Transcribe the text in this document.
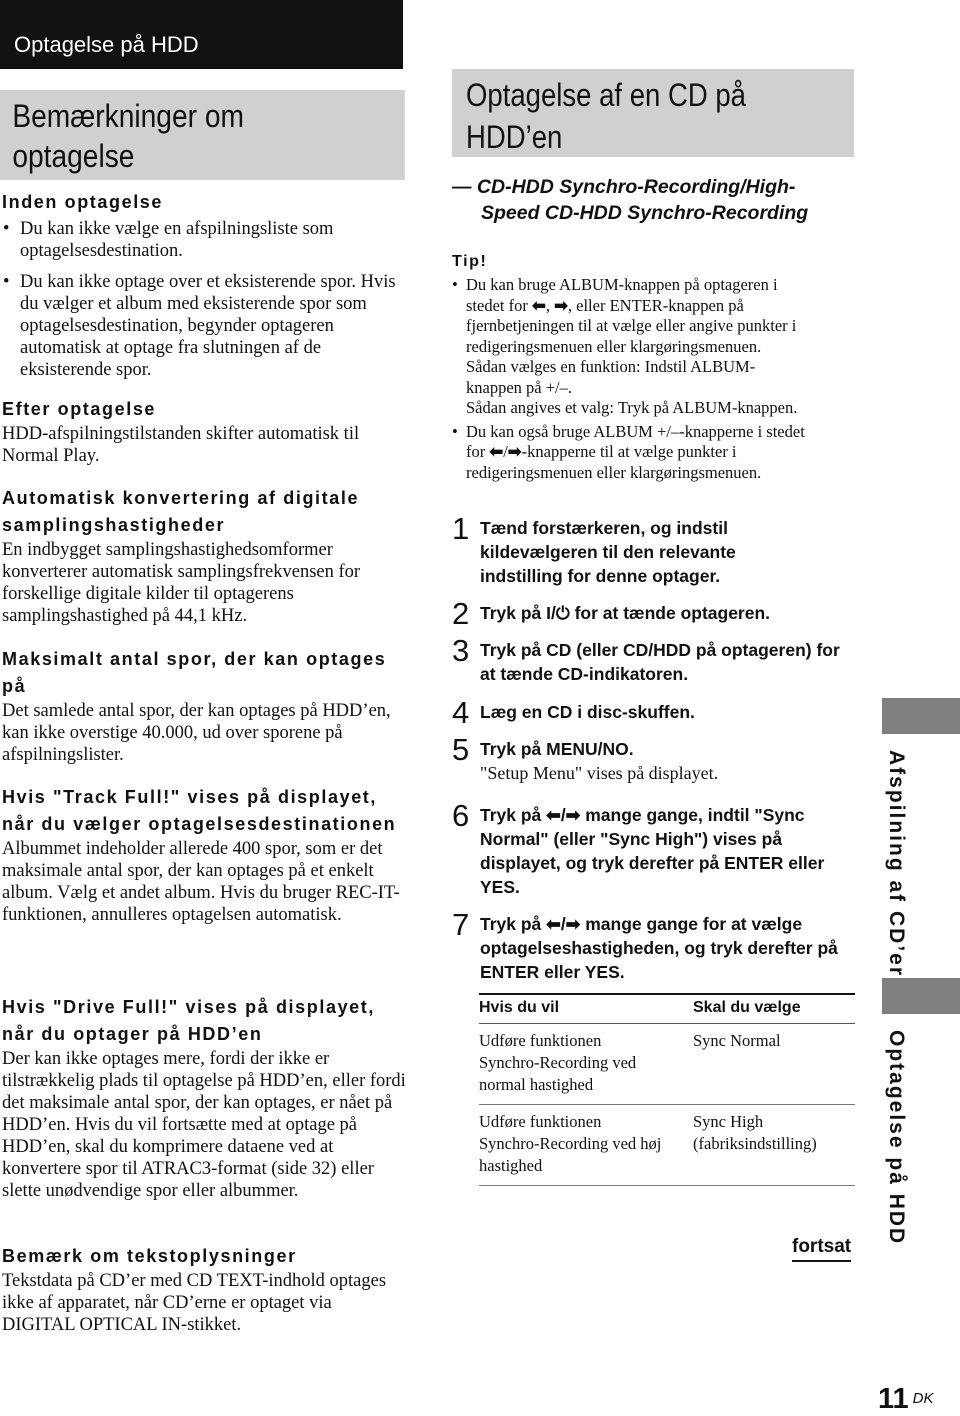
Optagelse på HDD
Bemærkninger om optagelse
Inden optagelse
• Du kan ikke vælge en afspilningsliste som optagelsesdestination.
• Du kan ikke optage over et eksisterende spor. Hvis du vælger et album med eksisterende spor som optagelsesdestination, begynder optageren automatisk at optage fra slutningen af de eksisterende spor.
Efter optagelse
HDD-afspilningstilstanden skifter automatisk til Normal Play.
Automatisk konvertering af digitale samplingshastigheder
En indbygget samplingshastighedsomformer konverterer automatisk samplingsfrekvensen for forskellige digitale kilder til optagerens samplingshastighed på 44,1 kHz.
Maksimalt antal spor, der kan optages på
Det samlede antal spor, der kan optages på HDD’en, kan ikke overstige 40.000, ud over sporene på afspilningslister.
Hvis "Track Full!" vises på displayet, når du vælger optagelsesdestinationen
Albummet indeholder allerede 400 spor, som er det maksimale antal spor, der kan optages på et enkelt album. Vælg et andet album. Hvis du bruger REC-IT-funktionen, annulleres optagelsen automatisk.
Hvis "Drive Full!" vises på displayet, når du optager på HDD’en
Der kan ikke optages mere, fordi der ikke er tilstrækkelig plads til optagelse på HDD’en, eller fordi det maksimale antal spor, der kan optages, er nået på HDD’en. Hvis du vil fortsætte med at optage på HDD’en, skal du komprimere dataene ved at konvertere spor til ATRAC3-format (side 32) eller slette unødvendige spor eller albummer.
Bemærk om tekstoplysninger
Tekstdata på CD’er med CD TEXT-indhold optages ikke af apparatet, når CD’erne er optaget via DIGITAL OPTICAL IN-stikket.
Optagelse af en CD på
HDD’en
— CD-HDD Synchro-Recording/High-
Speed CD-HDD Synchro-Recording
Tip!
• Du kan bruge ALBUM-knappen på optageren i
stedet for ⬅, ➡, eller ENTER-knappen på
fjernbetjeningen til at vælge eller angive punkter i
redigeringsmenuen eller klargøringsmenuen.
Sådan vælges en funktion: Indstil ALBUM-
knappen på +/–.
Sådan angives et valg: Tryk på ALBUM-knappen.
• Du kan også bruge ALBUM +/–-knapperne i stedet
for ⬅/➡-knapperne til at vælge punkter i
redigeringsmenuen eller klargøringsmenuen.
1 Tænd forstærkeren, og indstil kildevælgeren til den relevante indstilling for denne optager.
2 Tryk på I/⏻ for at tænde optageren.
3 Tryk på CD (eller CD/HDD på optageren) for at tænde CD-indikatoren.
4 Læg en CD i disc-skuffen.
5 Tryk på MENU/NO.
"Setup Menu" vises på displayet.
6 Tryk på ⬅/➡ mange gange, indtil "Sync Normal" (eller "Sync High") vises på displayet, og tryk derefter på ENTER eller YES.
7 Tryk på ⬅/➡ mange gange for at vælge optagelseshastigheden, og tryk derefter på ENTER eller YES.
Hvis du vil	Skal du vælge
Udføre funktionen Synchro-Recording ved normal hastighed	Sync Normal
Udføre funktionen Synchro-Recording ved høj hastighed	Sync High (fabriksindstilling)
fortsat
Afspilning af CD’er
Optagelse på HDD
11 $^{DK}$
